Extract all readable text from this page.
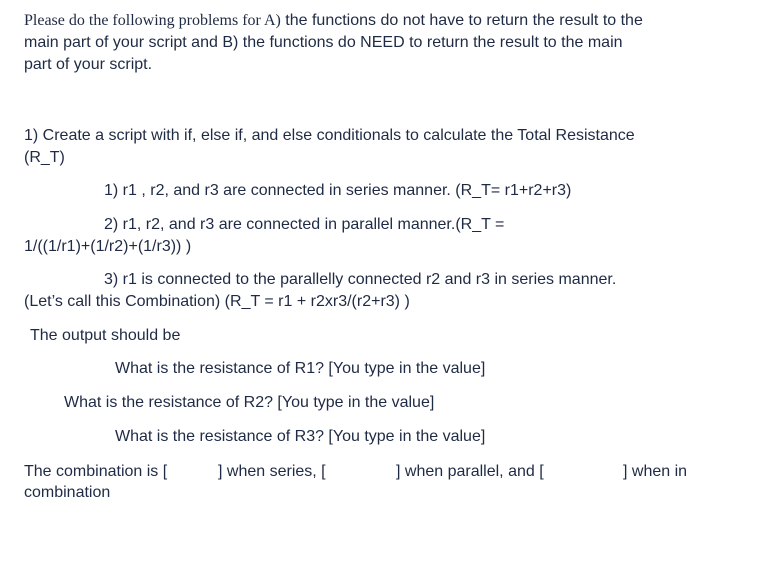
Please do the following problems for A) the functions do not have to return the result to the
main part of your script and B) the functions do NEED to return the result to the main
part of your script.
1) Create a script with if, else if, and else conditionals to calculate the Total Resistance
(R_T)
1) r1 , r2, and r3 are connected in series manner. (R_T= r1+r2+r3)
2) r1, r2, and r3 are connected in parallel manner.(R_T =
1/((1/r1)+(1/r2)+(1/r3)) )
3) r1 is connected to the parallelly connected r2 and r3 in series manner.
(Let’s call this Combination) (R_T = r1 + r2xr3/(r2+r3) )
The output should be
What is the resistance of R1? [You type in the value]
What is the resistance of R2? [You type in the value]
What is the resistance of R3? [You type in the value]
The combination is [	] when series, [	] when parallel, and [	] when in
combination
